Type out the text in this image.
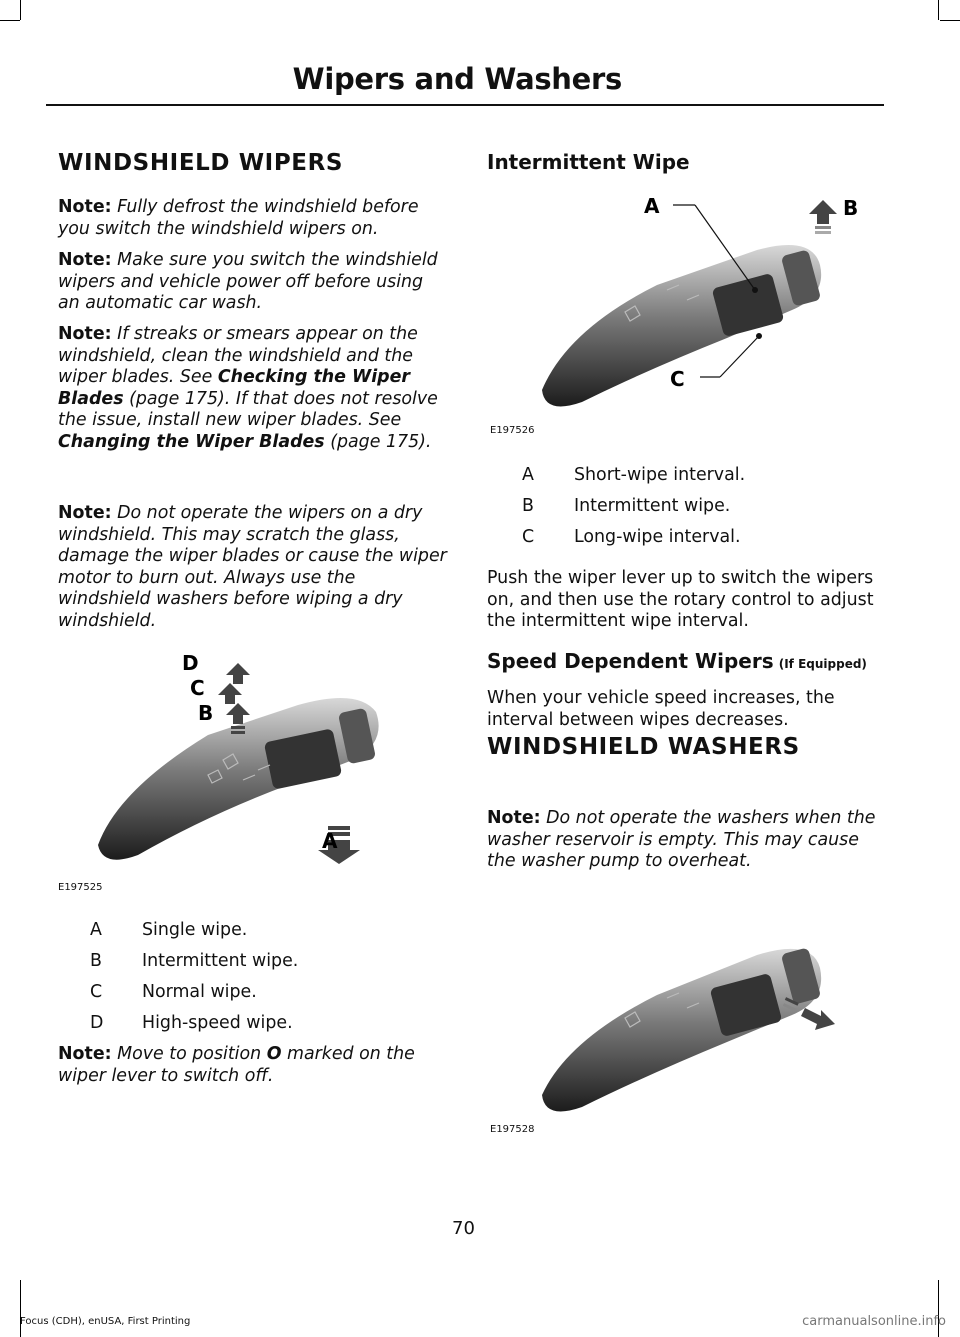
Wipers and Washers
WINDSHIELD WIPERS
Note: Fully defrost the windshield before you switch the windshield wipers on.
Note: Make sure you switch the windshield wipers and vehicle power off before using an automatic car wash.
Note: If streaks or smears appear on the windshield, clean the windshield and the wiper blades. See Checking the Wiper Blades (page 175). If that does not resolve the issue, install new wiper blades. See Changing the Wiper Blades (page 175).
Note: Do not operate the wipers on a dry windshield. This may scratch the glass, damage the wiper blades or cause the wiper motor to burn out. Always use the windshield washers before wiping a dry windshield.
D
C
B
A
E197525
A Single wipe.
B Intermittent wipe.
C Normal wipe.
D High-speed wipe.
Note: Move to position O marked on the wiper lever to switch off.
Intermittent Wipe
A	B
C
E197526
A Short-wipe interval.
B Intermittent wipe.
C Long-wipe interval.
Push the wiper lever up to switch the wipers on, and then use the rotary control to adjust the intermittent wipe interval.
Speed Dependent Wipers (If Equipped)
When your vehicle speed increases, the interval between wipes decreases.
WINDSHIELD WASHERS
Note: Do not operate the washers when the washer reservoir is empty. This may cause the washer pump to overheat.
E197528
70
Focus (CDH), enUSA, First Printing	carmanualsonline.info
